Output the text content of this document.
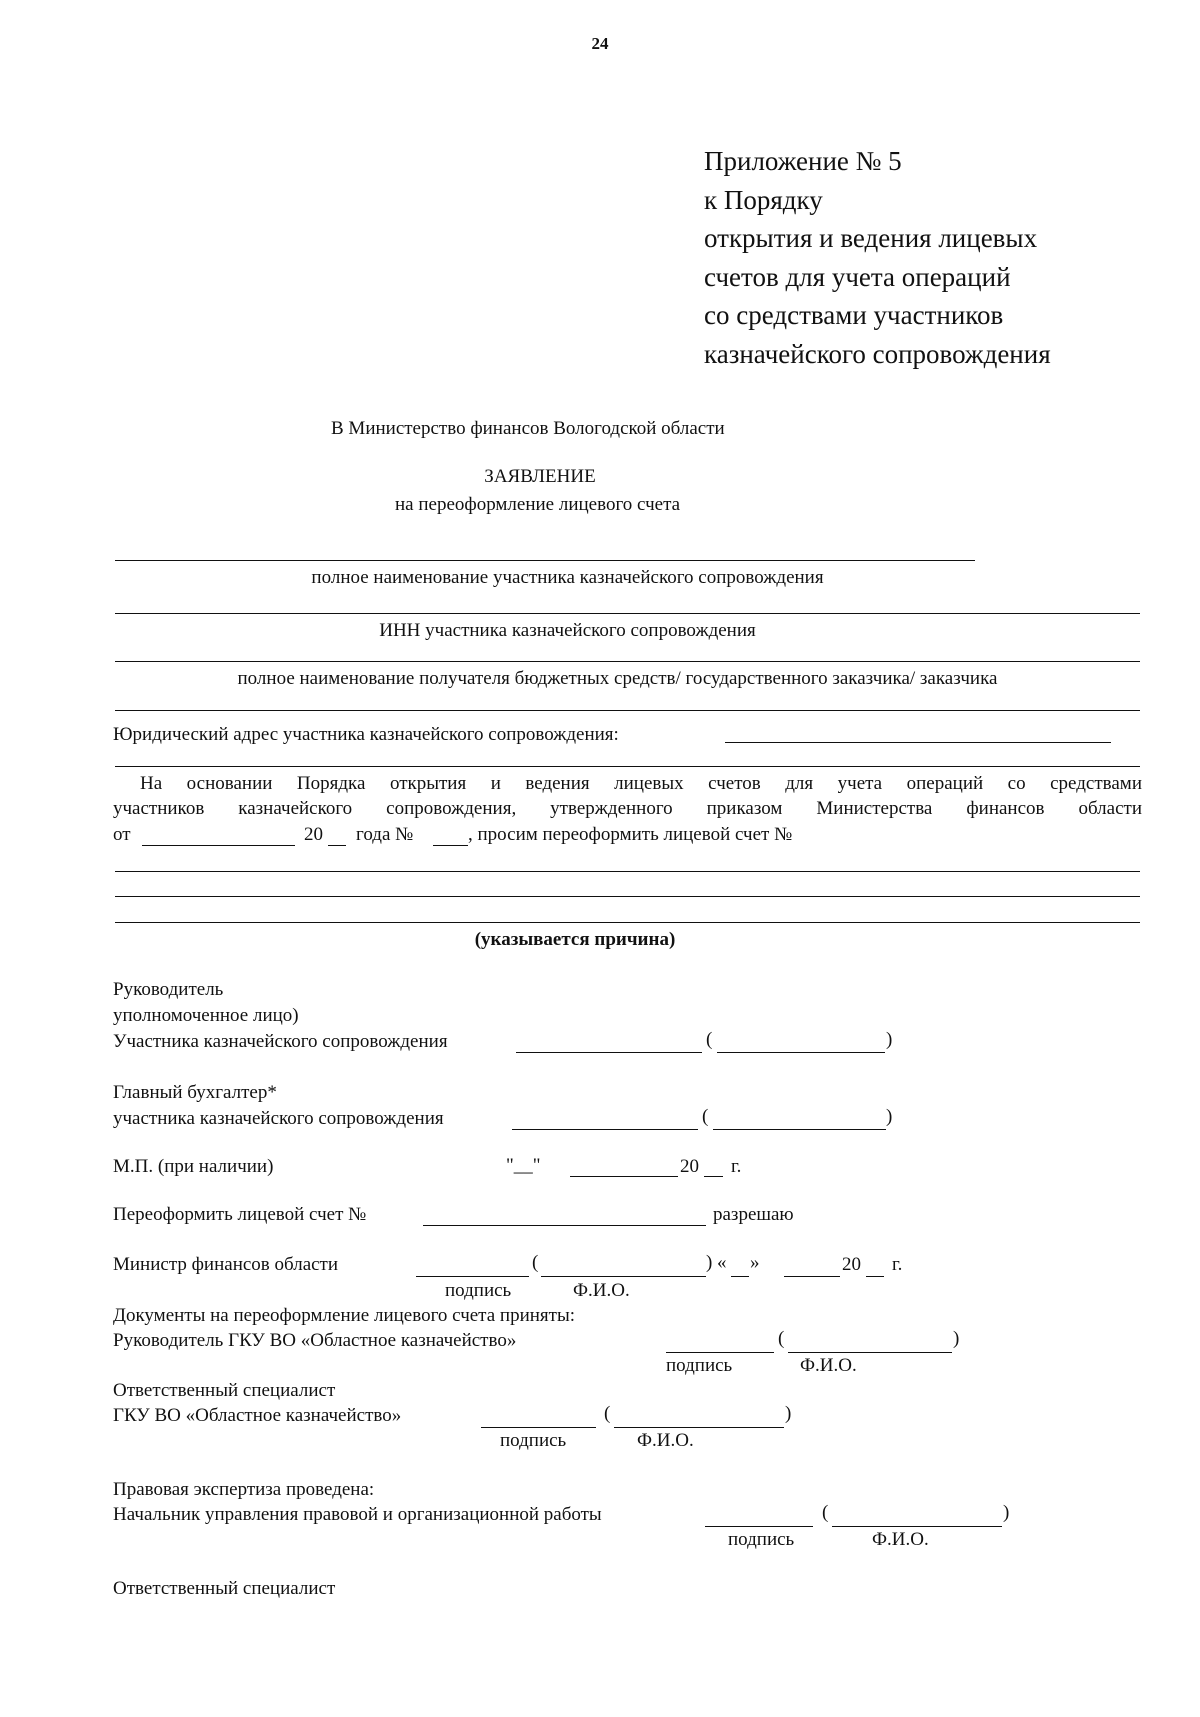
24
Приложение № 5
к Порядку
открытия и ведения лицевых
счетов для учета операций
со средствами участников
казначейского сопровождения
В Министерство финансов Вологодской области
ЗАЯВЛЕНИЕ
на переоформление лицевого счета
полное наименование участника казначейского сопровождения
ИНН участника казначейского сопровождения
полное наименование получателя бюджетных средств/ государственного заказчика/ заказчика
Юридический адрес участника казначейского сопровождения:
На основании Порядка открытия и ведения лицевых счетов для учета операций со средствами
участников казначейского сопровождения, утвержденного приказом Министерства финансов области
от	20 года №	, просим переоформить лицевой счет №
(указывается причина)
Руководитель
уполномоченное лицо)
Участника казначейского сопровождения	(	)
Главный бухгалтер*
участника казначейского сопровождения	(	)
М.П. (при наличии)	"__"	20 г.
Переоформить лицевой счет №	разрешаю
Министр финансов области	(	) « »	20 г.
подпись	Ф.И.О.
Документы на переоформление лицевого счета приняты:
Руководитель ГКУ ВО «Областное казначейство»	(	)
подпись	Ф.И.О.
Ответственный специалист
ГКУ ВО «Областное казначейство»	(	)
подпись	Ф.И.О.
Правовая экспертиза проведена:
Начальник управления правовой и организационной работы	(	)
подпись	Ф.И.О.
Ответственный специалист
